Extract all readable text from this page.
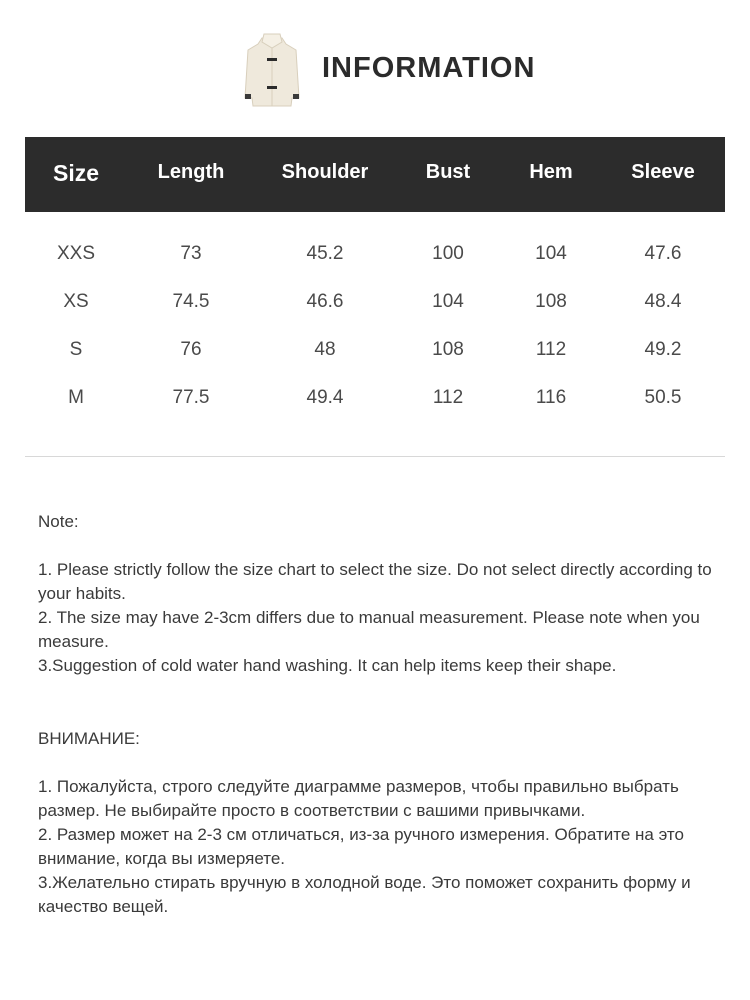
INFORMATION
Size	Length	Shoulder	Bust	Hem	Sleeve
XXS	73	45.2	100	104	47.6
XS	74.5	46.6	104	108	48.4
S	76	48	108	112	49.2
M	77.5	49.4	112	116	50.5

Note:

1. Please strictly follow the size chart to select the size. Do not select directly according to your habits.

2. The size may have 2-3cm differs due to manual measurement. Please note when you measure.

3.Suggestion of cold water hand washing. It can help items keep their shape.

ВНИМАНИЕ:

1. Пожалуйста, строго следуйте диаграмме размеров, чтобы правильно выбрать размер. Не выбирайте просто в соответствии с вашими привычками.

2. Размер может на 2-3 см отличаться, из-за ручного измерения. Обратите на это внимание, когда вы измеряете.

3.Желательно стирать вручную в холодной воде. Это поможет сохранить форму и качество вещей.
